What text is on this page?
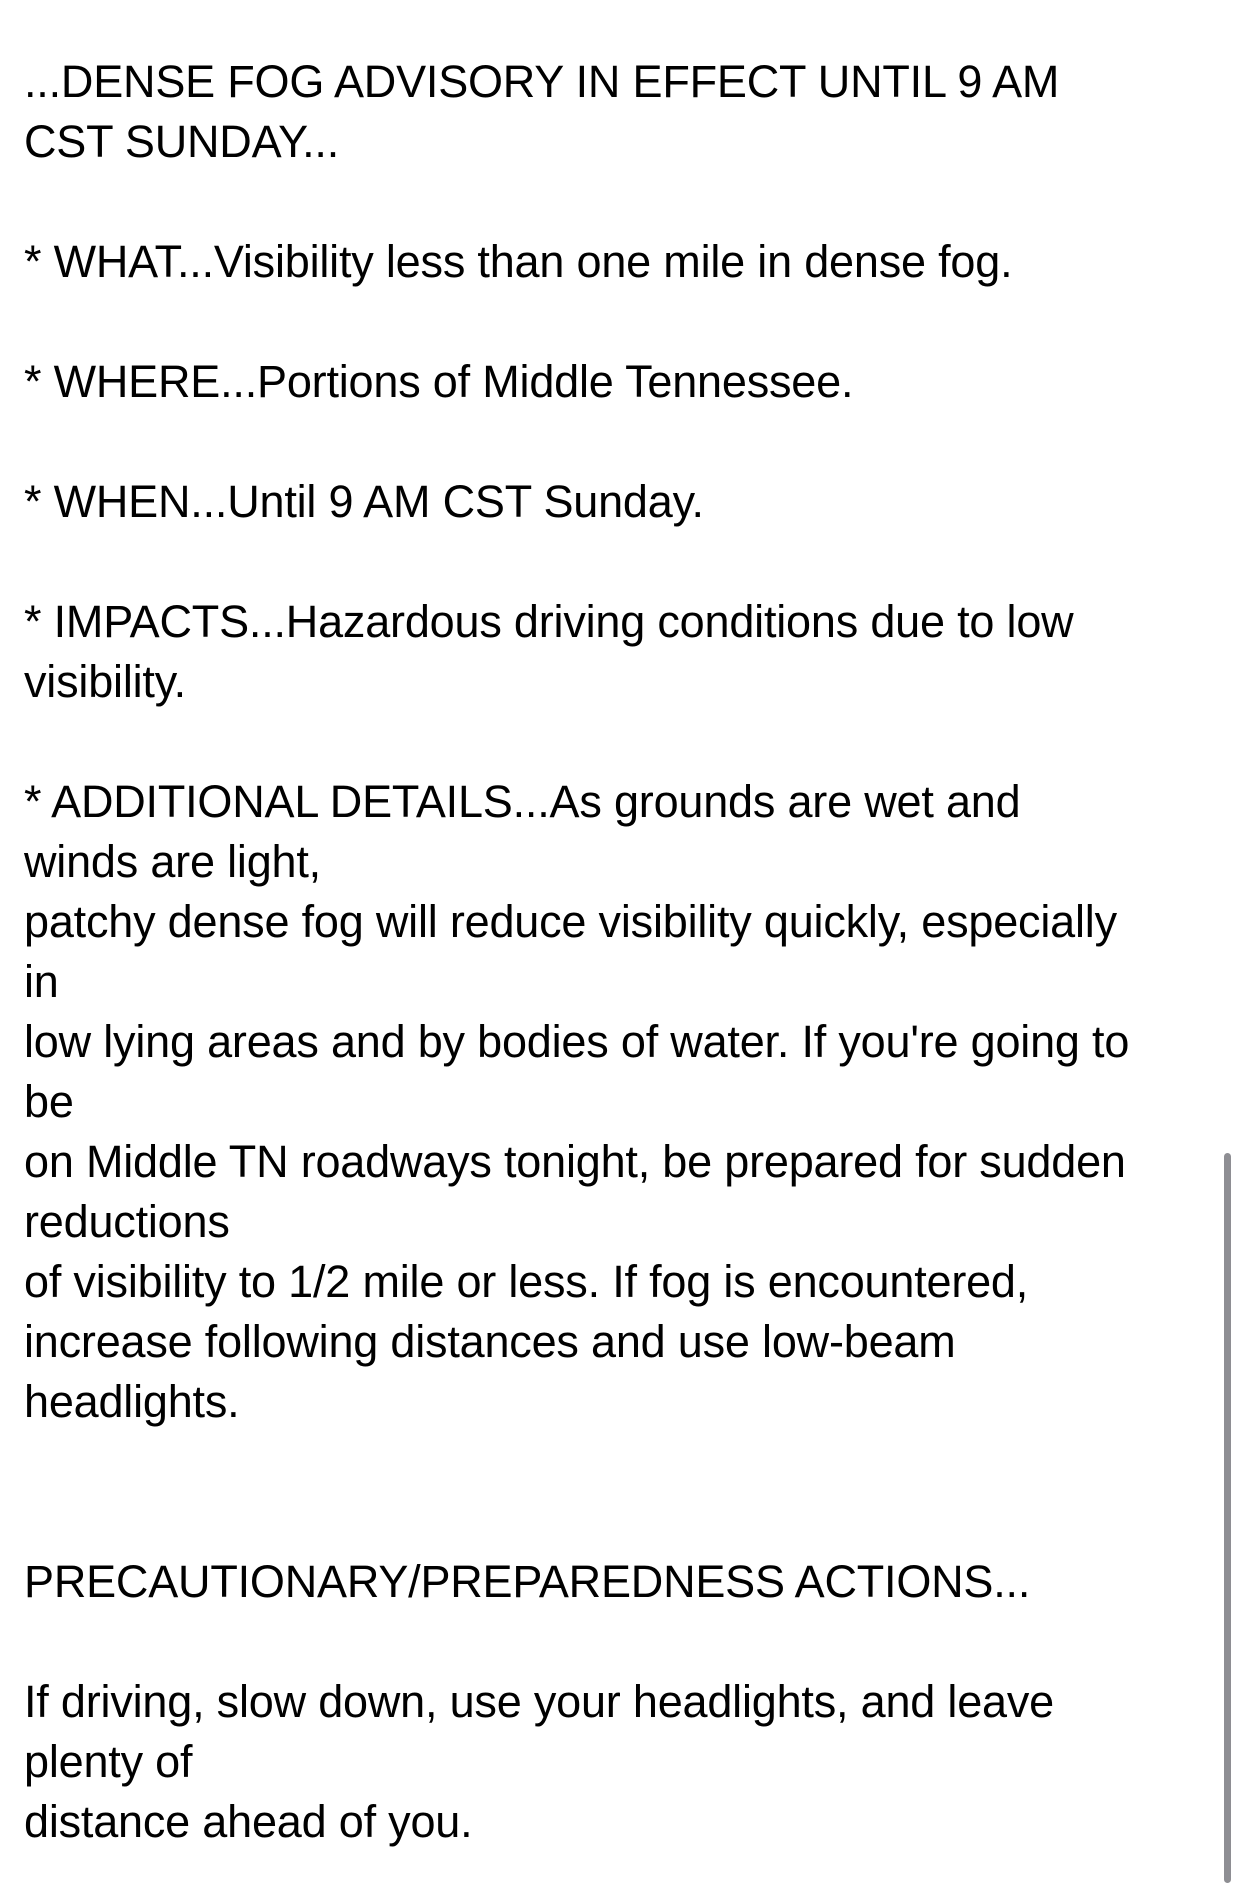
...DENSE FOG ADVISORY IN EFFECT UNTIL 9 AM
CST SUNDAY...
* WHAT...Visibility less than one mile in dense fog.
* WHERE...Portions of Middle Tennessee.
* WHEN...Until 9 AM CST Sunday.
* IMPACTS...Hazardous driving conditions due to low
visibility.
* ADDITIONAL DETAILS...As grounds are wet and
winds are light,
patchy dense fog will reduce visibility quickly, especially
in
low lying areas and by bodies of water. If you're going to
be
on Middle TN roadways tonight, be prepared for sudden
reductions
of visibility to 1/2 mile or less. If fog is encountered,
increase following distances and use low-beam
headlights.
PRECAUTIONARY/PREPAREDNESS ACTIONS...
If driving, slow down, use your headlights, and leave
plenty of
distance ahead of you.
